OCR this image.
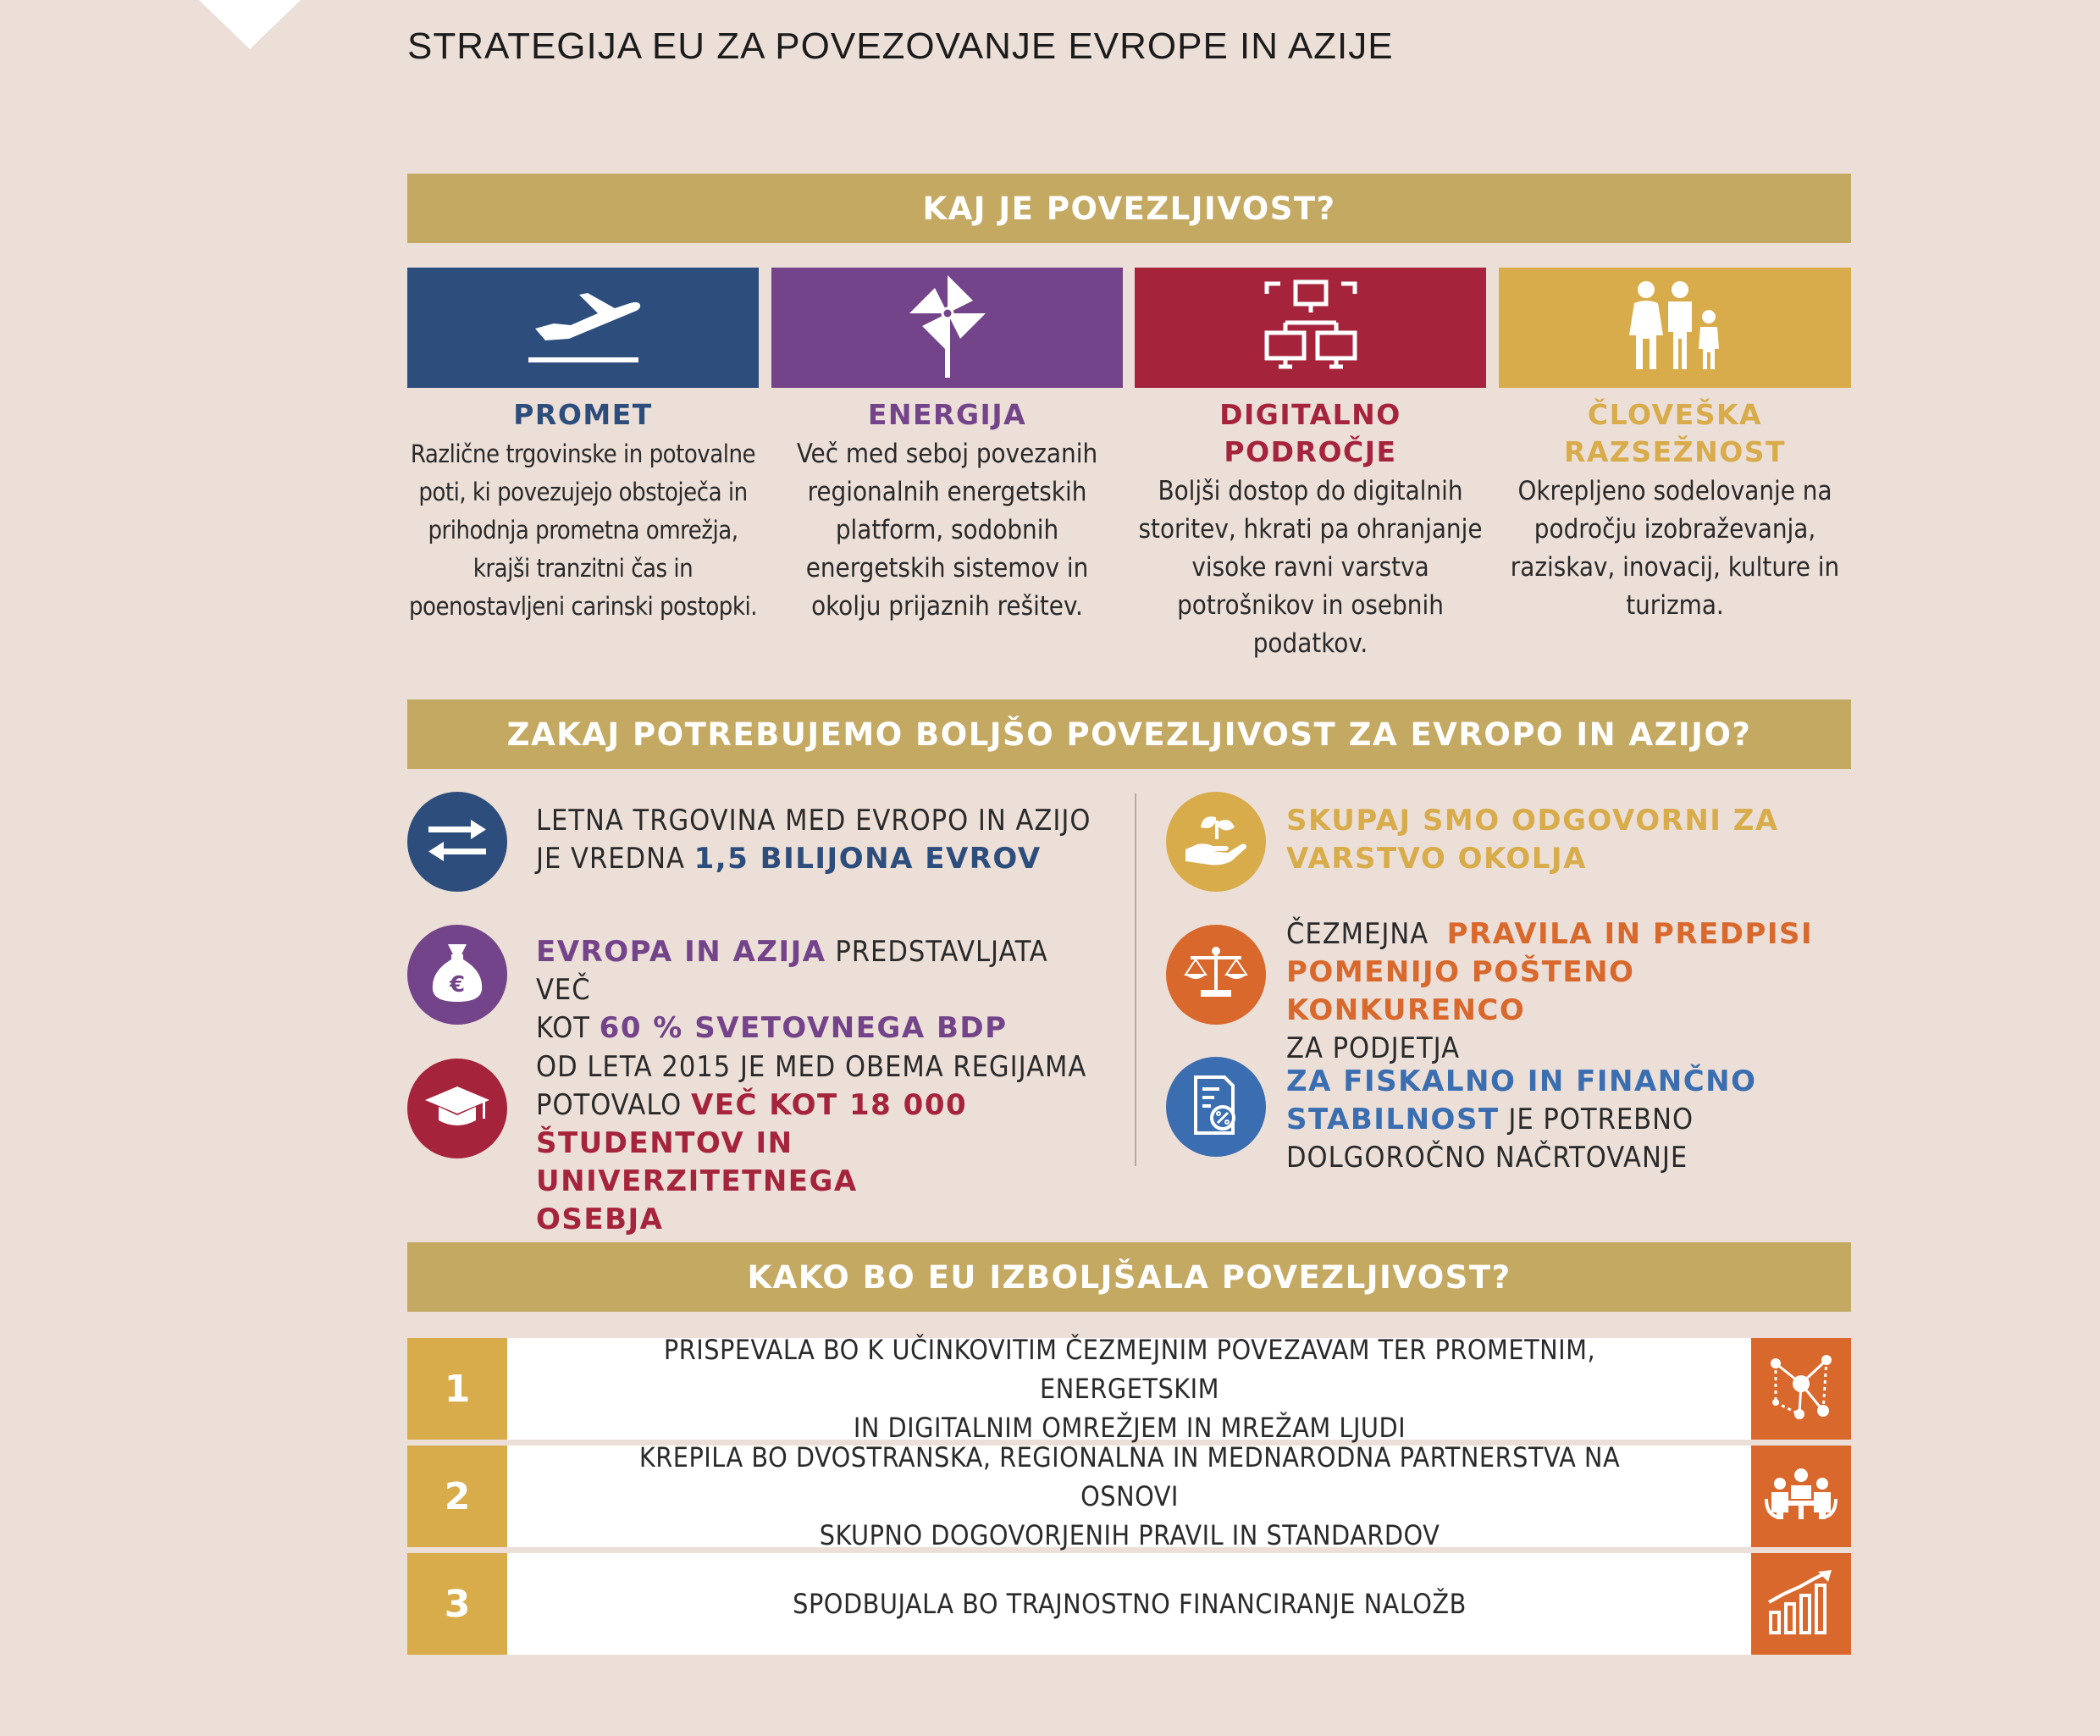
STRATEGIJA EU ZA POVEZOVANJE EVROPE IN AZIJE
KAJ JE POVEZLJIVOST?
PROMET
Različne trgovinske in potovalne
poti, ki povezujejo obstoječa in
prihodnja prometna omrežja,
krajši tranzitni čas in
poenostavljeni carinski postopki.
ENERGIJA
Več med seboj povezanih
regionalnih energetskih
platform, sodobnih
energetskih sistemov in
okolju prijaznih rešitev.
DIGITALNO PODROČJE
Boljši dostop do digitalnih
storitev, hkrati pa ohranjanje
visoke ravni varstva
potrošnikov in osebnih
podatkov.
ČLOVEŠKA
RAZSEŽNOST
Okrepljeno sodelovanje na
področju izobraževanja,
raziskav, inovacij, kulture in
turizma.
ZAKAJ POTREBUJEMO BOLJŠO POVEZLJIVOST ZA EVROPO IN AZIJO?
LETNA TRGOVINA MED EVROPO IN AZIJO
JE VREDNA 1,5 BILIJONA EVROV
€
EVROPA IN AZIJA PREDSTAVLJATA VEČ
KOT 60 % SVETOVNEGA BDP
OD LETA 2015 JE MED OBEMA REGIJAMA
POTOVALO VEČ KOT 18 000
ŠTUDENTOV IN UNIVERZITETNEGA
OSEBJA
SKUPAJ SMO ODGOVORNI ZA
VARSTVO OKOLJA
ČEZMEJNA  PRAVILA IN PREDPISI
POMENIJO POŠTENO KONKURENCO
ZA PODJETJA
ZA FISKALNO IN FINANČNO
STABILNOST JE POTREBNO
DOLGOROČNO NAČRTOVANJE
KAKO BO EU IZBOLJŠALA POVEZLJIVOST?
1
PRISPEVALA BO K UČINKOVITIM ČEZMEJNIM POVEZAVAM TER PROMETNIM, ENERGETSKIM
IN DIGITALNIM OMREŽJEM IN MREŽAM LJUDI
2
KREPILA BO DVOSTRANSKA, REGIONALNA IN MEDNARODNA PARTNERSTVA NA OSNOVI
SKUPNO DOGOVORJENIH PRAVIL IN STANDARDOV
3	SPODBUJALA BO TRAJNOSTNO FINANCIRANJE NALOŽB
